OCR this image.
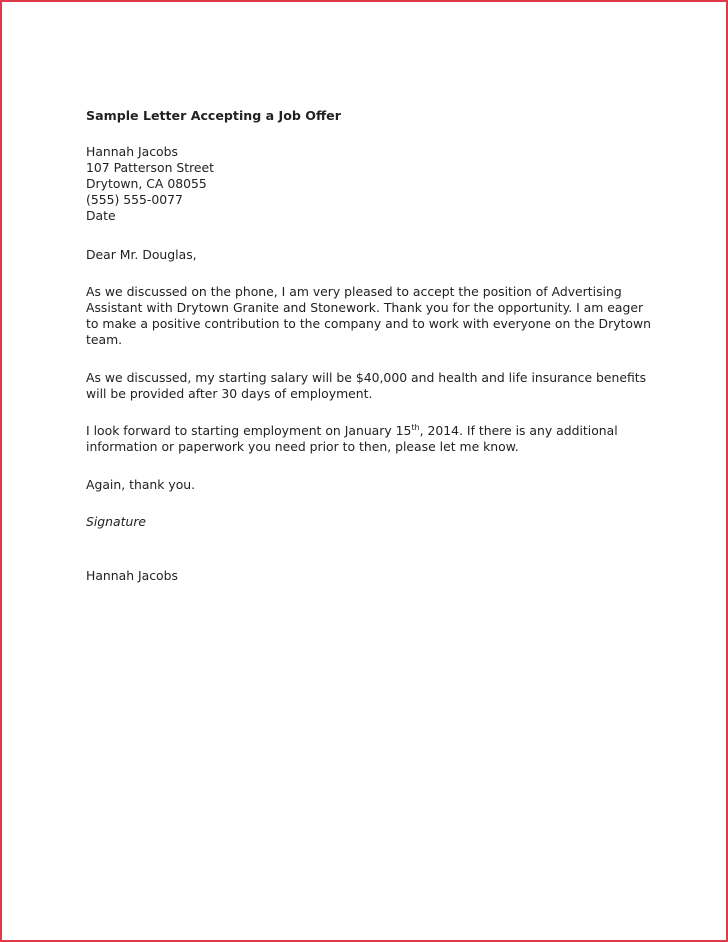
Sample Letter Accepting a Job Offer
Hannah Jacobs
107 Patterson Street
Drytown, CA 08055
(555) 555-0077
Date
Dear Mr. Douglas,
As we discussed on the phone, I am very pleased to accept the position of Advertising
Assistant with Drytown Granite and Stonework. Thank you for the opportunity. I am eager
to make a positive contribution to the company and to work with everyone on the Drytown
team.
As we discussed, my starting salary will be $40,000 and health and life insurance benefits
will be provided after 30 days of employment.
I look forward to starting employment on January 15th, 2014. If there is any additional
information or paperwork you need prior to then, please let me know.
Again, thank you.
Signature
Hannah Jacobs
